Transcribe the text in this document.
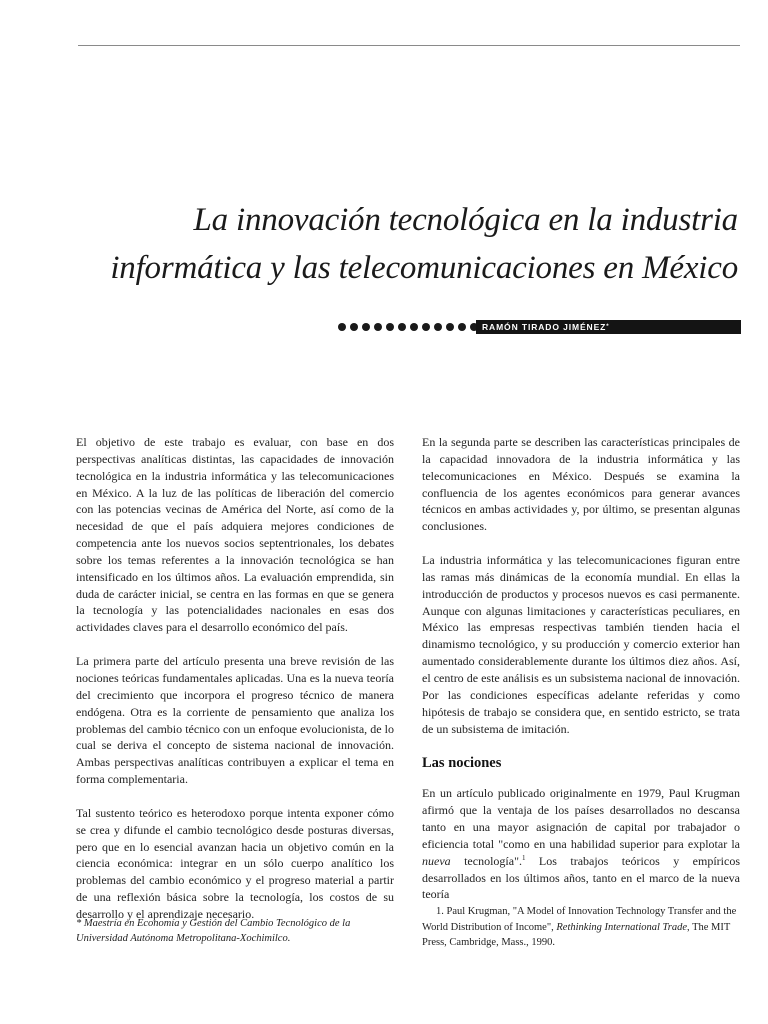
La innovación tecnológica en la industria
informática y las telecomunicaciones en México
RAMÓN TIRADO JIMÉNEZ*

El objetivo de este trabajo es evaluar, con base en dos perspectivas analíticas distintas, las capacidades de innovación tecnológica en la industria informática y las telecomunicaciones en México. A la luz de las políticas de liberación del comercio con las potencias vecinas de América del Norte, así como de la necesidad de que el país adquiera mejores condiciones de competencia ante los nuevos socios septentrionales, los debates sobre los temas referentes a la innovación tecnológica se han intensificado en los últimos años. La evaluación emprendida, sin duda de carácter inicial, se centra en las formas en que se genera la tecnología y las potencialidades nacionales en esas dos actividades claves para el desarrollo económico del país.

La primera parte del artículo presenta una breve revisión de las nociones teóricas fundamentales aplicadas. Una es la nueva teoría del crecimiento que incorpora el progreso técnico de manera endógena. Otra es la corriente de pensamiento que analiza los problemas del cambio técnico con un enfoque evolucionista, de lo cual se deriva el concepto de sistema nacional de innovación. Ambas perspectivas analíticas contribuyen a explicar el tema en forma complementaria.

Tal sustento teórico es heterodoxo porque intenta exponer cómo se crea y difunde el cambio tecnológico desde posturas diversas, pero que en lo esencial avanzan hacia un objetivo común en la ciencia económica: integrar en un sólo cuerpo analítico los problemas del cambio económico y el progreso material a partir de una reflexión básica sobre la tecnología, los costos de su desarrollo y el aprendizaje necesario.

* Maestría en Economía y Gestión del Cambio Tecnológico de la Universidad Autónoma Metropolitana-Xochimilco.

En la segunda parte se describen las características principales de la capacidad innovadora de la industria informática y las telecomunicaciones en México. Después se examina la confluencia de los agentes económicos para generar avances técnicos en ambas actividades y, por último, se presentan algunas conclusiones.

La industria informática y las telecomunicaciones figuran entre las ramas más dinámicas de la economía mundial. En ellas la introducción de productos y procesos nuevos es casi permanente. Aunque con algunas limitaciones y características peculiares, en México las empresas respectivas también tienden hacia el dinamismo tecnológico, y su producción y comercio exterior han aumentado considerablemente durante los últimos diez años. Así, el centro de este análisis es un subsistema nacional de innovación. Por las condiciones específicas adelante referidas y como hipótesis de trabajo se considera que, en sentido estricto, se trata de un subsistema de imitación.

Las nociones

En un artículo publicado originalmente en 1979, Paul Krugman afirmó que la ventaja de los países desarrollados no descansa tanto en una mayor asignación de capital por trabajador o eficiencia total "como en una habilidad superior para explotar la nueva tecnología".$^1$ Los trabajos teóricos y empíricos desarrollados en los últimos años, tanto en el marco de la nueva teoría

1. Paul Krugman, "A Model of Innovation Technology Transfer and the World Distribution of Income", Rethinking International Trade, The MIT Press, Cambridge, Mass., 1990.
